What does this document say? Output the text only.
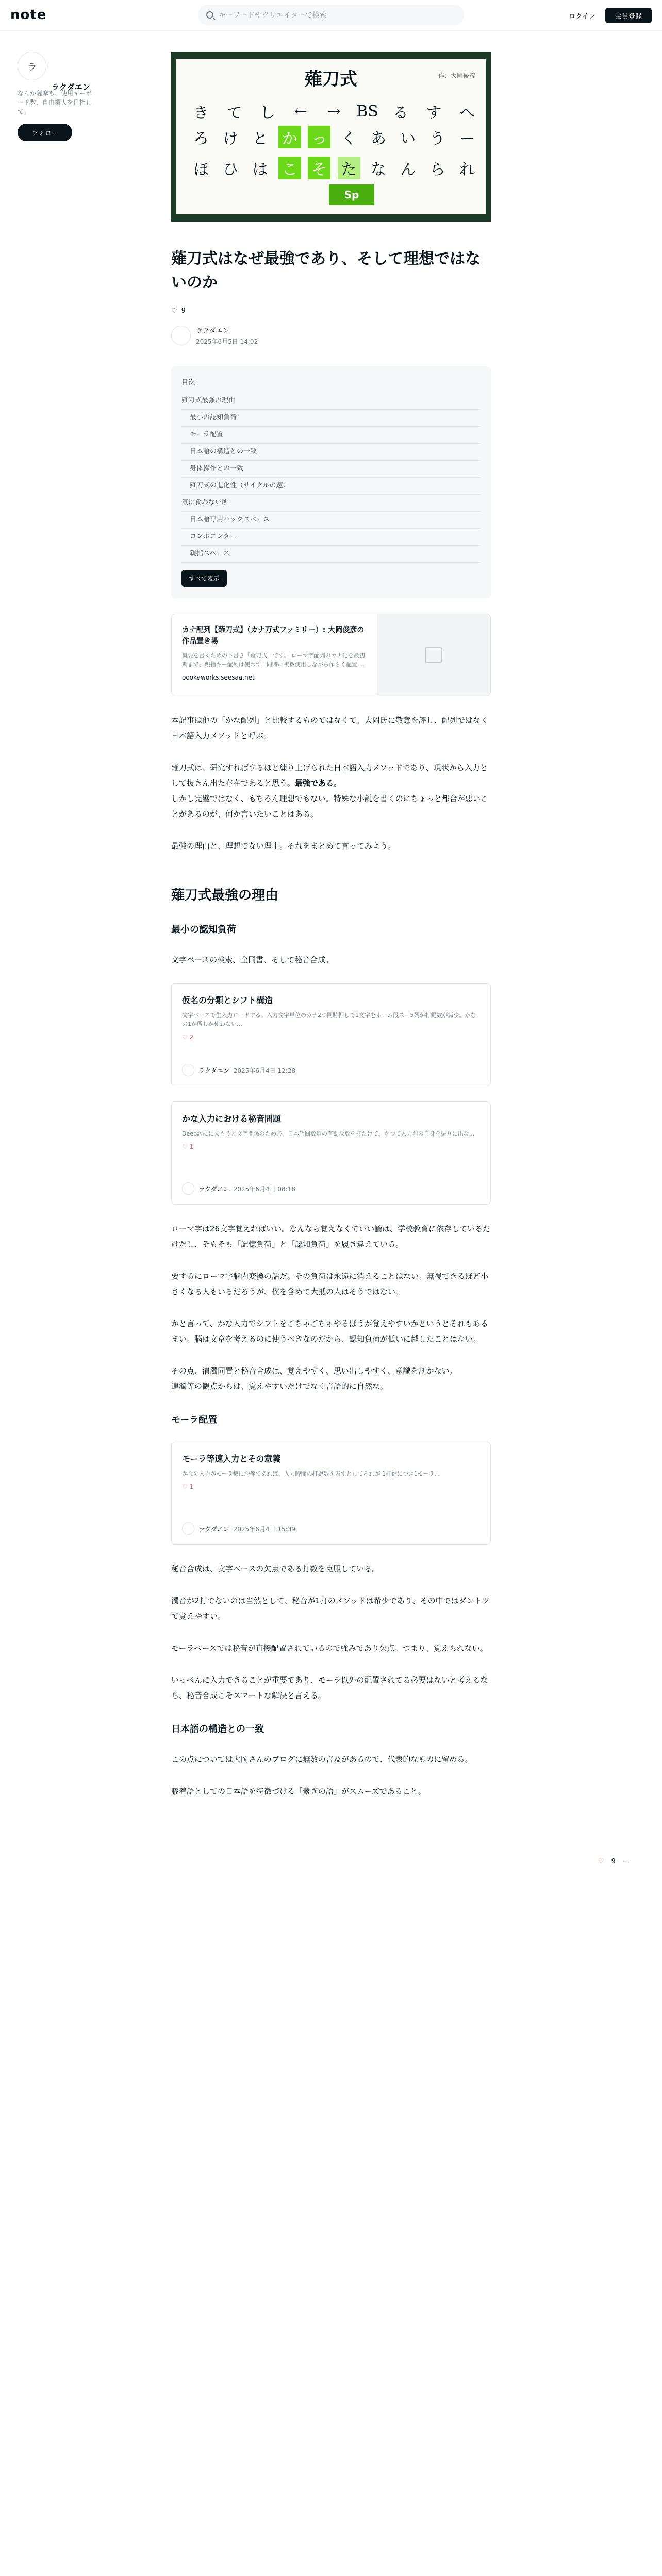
note	キーワードやクリエイターで検索	ログイン	会員登録
ラ
ラクダエン
なんか薩摩も、使用キーボード数、自由業人を目指して。
フォロー
薙刀式	作：大岡俊彦
き て し	←	→	BS る す へ
ろ け と か っ く あ い う ー
ほ ひ は こ そ た な ん ら れ
Sp
薙刀式はなぜ最強であり、そして理想ではないのか
♡ 9
ラクダエン
2025年6月5日 14:02
目次
薙刀式最強の理由
最小の認知負荷
モーラ配置
日本語の構造との一致
身体操作との一致
薙刀式の進化性（サイクルの速）
気に食わない所
日本語専用ハックスペース
コンボエンター
親指スペース
すべて表示
カナ配列【薙刀式】（カナ万式ファミリー）: 大岡俊彦の作品置き場
概要を書くための下書き「薙刀式」です。 ローマ字配列のカナ化を最初期まで、親指キー配列は使わず、同時に複数使用しながら作らく配置 ...
oookaworks.seesaa.net

本記事は他の「かな配列」と比較するものではなくて、大岡氏に敬意を評し、配列ではなく日本語入力メソッドと呼ぶ。

薙刀式は、研究すればするほど練り上げられた日本語入力メソッドであり、現状から入力として抜きん出た存在であると思う。最強である。
しかし完璧ではなく、もちろん理想でもない。特殊な小説を書くのにちょっと都合が悪いことがあるのが、何か言いたいことはある。

最強の理由と、理想でない理由。それをまとめて言ってみよう。

薙刀式最強の理由
最小の認知負荷

文字ベースの検索、全同書、そして秘音合成。

仮名の分類とシフト構造
文字ベースで生入力ロードする。入力文字単位のカナ2つ同時押しで1文字をホーム段ス。5列が打鍵数が減少。かなの1か所しか使わない…
♡ 2
ラクダエン 2025年6月4日 12:28
かな入力における秘音問題
Deep訪ににまもうと文字関係のため必、日本語間数値の有効な数を打たけて、かつて入力前の自身を振りに出な...
♡ 1
ラクダエン 2025年6月4日 08:18

ローマ字は26文字覚えればいい。なんなら覚えなくていい論は、学校教育に依存しているだけだし、そもそも「記憶負荷」と「認知負荷」を履き違えている。

要するにローマ字脳内変換の話だ。その負荷は永遠に消えることはない。無視できるほど小さくなる人もいるだろうが、僕を含めて大抵の人はそうではない。

かと言って、かな入力でシフトをごちゃごちゃやるほうが覚えやすいかというとそれもあるまい。脳は文章を考えるのに使うべきなのだから、認知負荷が低いに越したことはない。

その点、清濁同置と秘音合成は、覚えやすく、思い出しやすく、意識を割かない。
連濁等の観点からは、覚えやすいだけでなく言語的に自然な。

モーラ配置
モーラ等速入力とその意義
かなの入力がモーラ毎に均等であれば、入力時間の打鍵数を表すとしてそれが 1打鍵につき1モーラ...
♡ 1
ラクダエン 2025年6月4日 15:39

秘音合成は、文字ベースの欠点である打数を克服している。

濁音が2打でないのは当然として、秘音が1打のメソッドは希少であり、その中ではダントツで覚えやすい。

モーラベースでは秘音が直接配置されているので強みであり欠点。つまり、覚えられない。

いっぺんに入力できることが重要であり、モーラ以外の配置されてる必要はないと考えるなら、秘音合成こそスマートな解決と言える。

日本語の構造との一致

この点については大岡さんのブログに無数の言及があるので、代表的なものに留める。

膠着語としての日本語を特徴づける「繋ぎの語」がスムーズであること。

♡ 9 ⋯
